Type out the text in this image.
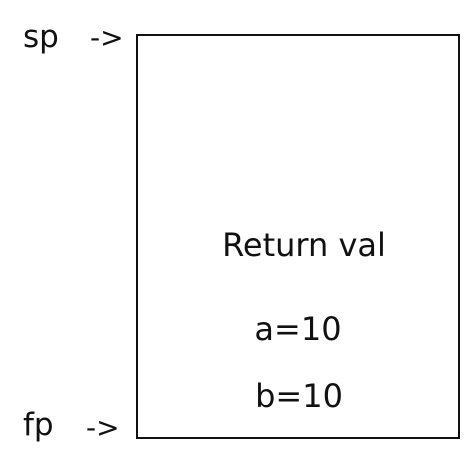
sp ->
Return val
a=10
b=10
fp ->
